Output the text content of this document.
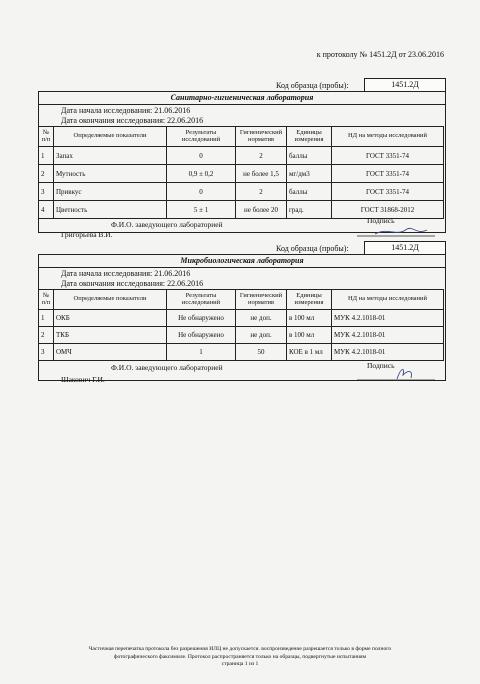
к протоколу № 1451.2Д от 23.06.2016
Код образца (пробы):	1451.2Д
Санитарно-гигиеническая лаборатория
Дата начала исследования: 21.06.2016
Дата окончания исследования: 22.06.2016
№ п/п	Определяемые показатели	Результаты исследований	Гигиенический норматив	Единицы измерения	НД на методы исследований
1	Запах	0	2	баллы	ГОСТ 3351-74
2	Мутность	0,9 ± 0,2	не более 1,5	мг/дм3	ГОСТ 3351-74
3	Привкус	0	2	баллы	ГОСТ 3351-74
4	Цветность	5 ± 1	не более 20	град.	ГОСТ 31868-2012
Ф.И.О. заведующего лабораторией	Подпись
Григорьева В.И.
Код образца (пробы):	1451.2Д
Микробиологическая лаборатория
Дата начала исследования: 21.06.2016
Дата окончания исследования: 22.06.2016
№ п/п	Определяемые показатели	Результаты исследований	Гигиенический норматив	Единицы измерения	НД на методы исследований
1	ОКБ	Не обнаружено	не доп.	в 100 мл	МУК 4.2.1018-01
2	ТКБ	Не обнаружено	не доп.	в 100 мл	МУК 4.2.1018-01
3	ОМЧ	1	50	КОЕ в 1 мл	МУК 4.2.1018-01
Ф.И.О. заведующего лабораторией	Подпись
Шакович Г.И.
Частичная перепечатка протокола без разрешения ИЛЦ не допускается. воспроизведение разрешается только в форме полного
фотографического факсимиле. Протокол распространяется только на образцы, подвергнутые испытаниям
страница 1 из 1
